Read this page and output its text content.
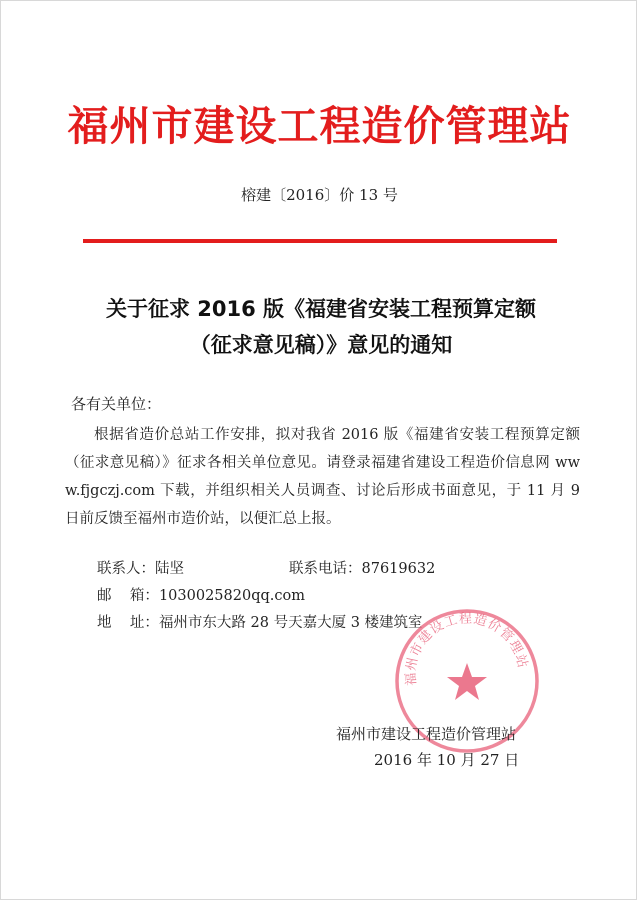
福州市建设工程造价管理站
榕建〔2016〕价 13 号
关于征求 2016 版《福建省安装工程预算定额
（征求意见稿）》意见的通知
各有关单位：
根据省造价总站工作安排，拟对我省 2016 版《福建省安装工程预算定额（征求意见稿）》征求各相关单位意见。请登录福建省建设工程造价信息网 www.fjgczj.com 下载，并组织相关人员调查、讨论后形成书面意见，于 11 月 9 日前反馈至福州市造价站，以便汇总上报。
联系人：陆坚	联系电话：87619632
邮    箱：1030025820qq.com
地    址：福州市东大路 28 号天嘉大厦 3 楼建筑室
福州市建设工程造价管理站
福州市建设工程造价管理站
2016 年 10 月 27 日
